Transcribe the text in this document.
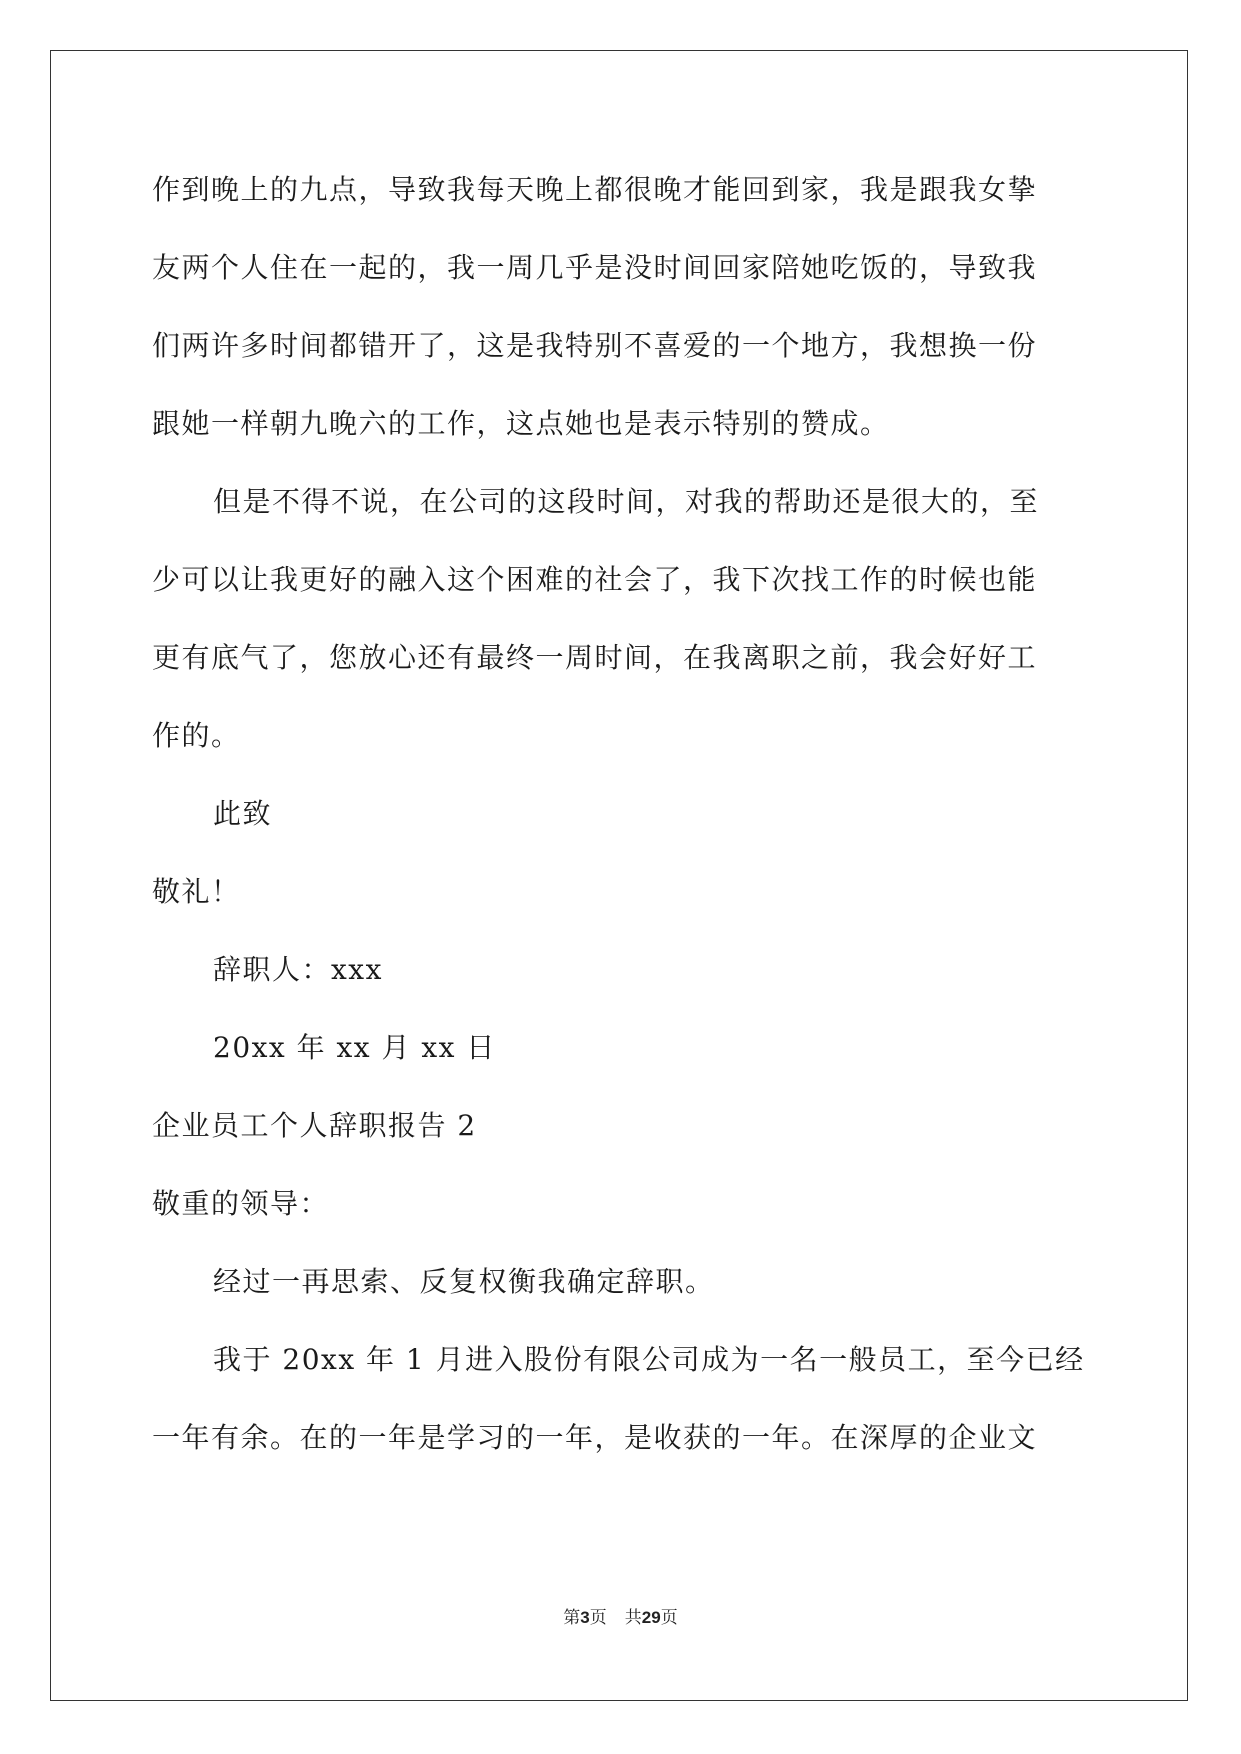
作到晚上的九点，导致我每天晚上都很晚才能回到家，我是跟我女挚
友两个人住在一起的，我一周几乎是没时间回家陪她吃饭的，导致我
们两许多时间都错开了，这是我特别不喜爱的一个地方，我想换一份
跟她一样朝九晚六的工作，这点她也是表示特别的赞成。
但是不得不说，在公司的这段时间，对我的帮助还是很大的，至
少可以让我更好的融入这个困难的社会了，我下次找工作的时候也能
更有底气了，您放心还有最终一周时间，在我离职之前，我会好好工
作的。
此致
敬礼！
辞职人：xxx
20xx 年 xx 月 xx 日
企业员工个人辞职报告 2
敬重的领导：
经过一再思索、反复权衡我确定辞职。
我于 20xx 年 1 月进入股份有限公司成为一名一般员工，至今已经
一年有余。在的一年是学习的一年，是收获的一年。在深厚的企业文
第3页 共29页
